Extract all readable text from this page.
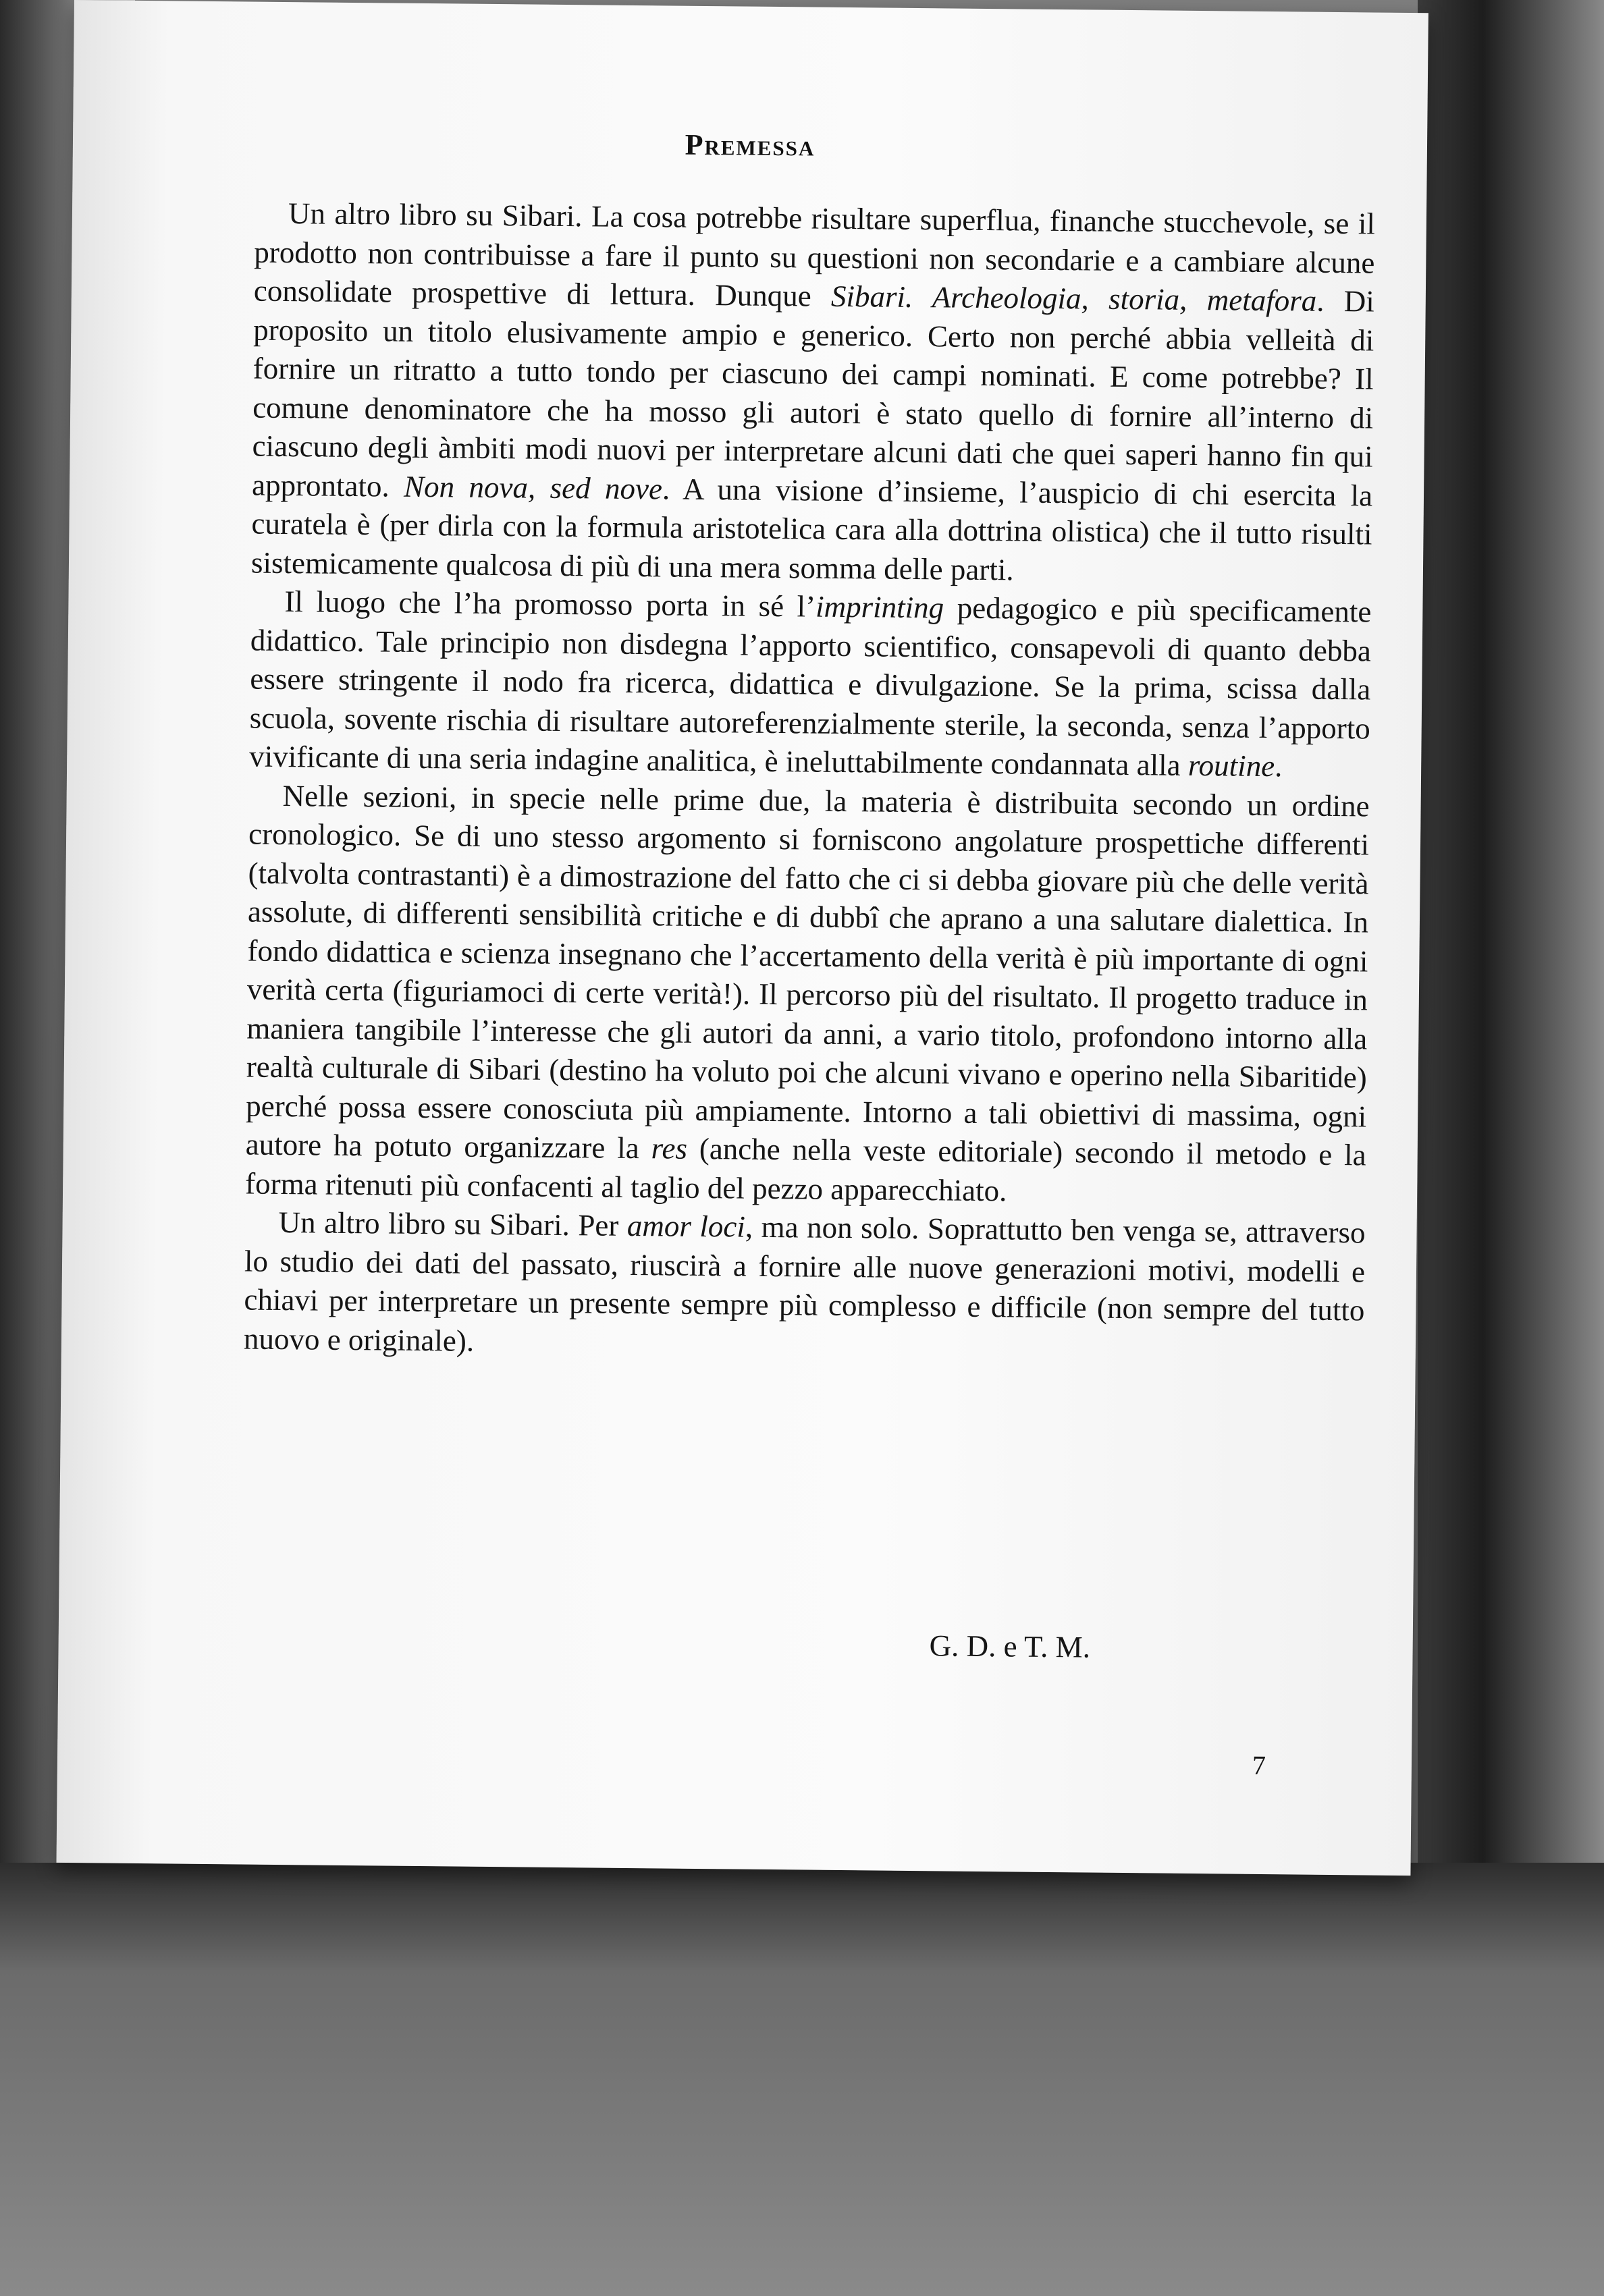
Premessa

Un altro libro su Sibari. La cosa potrebbe risultare superflua, finanche stucchevole, se il prodotto non contribuisse a fare il punto su questioni non secondarie e a cambiare alcune consolidate prospettive di lettura. Dunque Sibari. Archeologia, storia, metafora. Di proposito un titolo elusivamente ampio e generico. Certo non perché abbia velleità di fornire un ritratto a tutto tondo per ciascuno dei campi nominati. E come potrebbe? Il comune denominatore che ha mosso gli autori è stato quello di fornire all’interno di ciascuno degli àmbiti modi nuovi per interpretare alcuni dati che quei saperi hanno fin qui approntato. Non nova, sed nove. A una visione d’insieme, l’auspicio di chi esercita la curatela è (per dirla con la formula aristotelica cara alla dottrina olistica) che il tutto risulti sistemicamente qualcosa di più di una mera somma delle parti.

Il luogo che l’ha promosso porta in sé l’imprinting pedagogico e più specificamente didattico. Tale principio non disdegna l’apporto scientifico, consapevoli di quanto debba essere stringente il nodo fra ricerca, didattica e divulgazione. Se la prima, scissa dalla scuola, sovente rischia di risultare autoreferenzialmente sterile, la seconda, senza l’apporto vivificante di una seria indagine analitica, è ineluttabilmente condannata alla routine.

Nelle sezioni, in specie nelle prime due, la materia è distribuita secondo un ordine cronologico. Se di uno stesso argomento si forniscono angolature prospettiche differenti (talvolta contrastanti) è a dimostrazione del fatto che ci si debba giovare più che delle verità assolute, di differenti sensibilità critiche e di dubbî che aprano a una salutare dialettica. In fondo didattica e scienza insegnano che l’accertamento della verità è più importante di ogni verità certa (figuriamoci di certe verità!). Il percorso più del risultato. Il progetto traduce in maniera tangibile l’interesse che gli autori da anni, a vario titolo, profondono intorno alla realtà culturale di Sibari (destino ha voluto poi che alcuni vivano e operino nella Sibaritide) perché possa essere conosciuta più ampiamente. Intorno a tali obiettivi di massima, ogni autore ha potuto organizzare la res (anche nella veste editoriale) secondo il metodo e la forma ritenuti più confacenti al taglio del pezzo apparecchiato.

Un altro libro su Sibari. Per amor loci, ma non solo. Soprattutto ben venga se, attraverso lo studio dei dati del passato, riuscirà a fornire alle nuove generazioni motivi, modelli e chiavi per interpretare un presente sempre più complesso e difficile (non sempre del tutto nuovo e originale).

G. D. e T. M.
7
